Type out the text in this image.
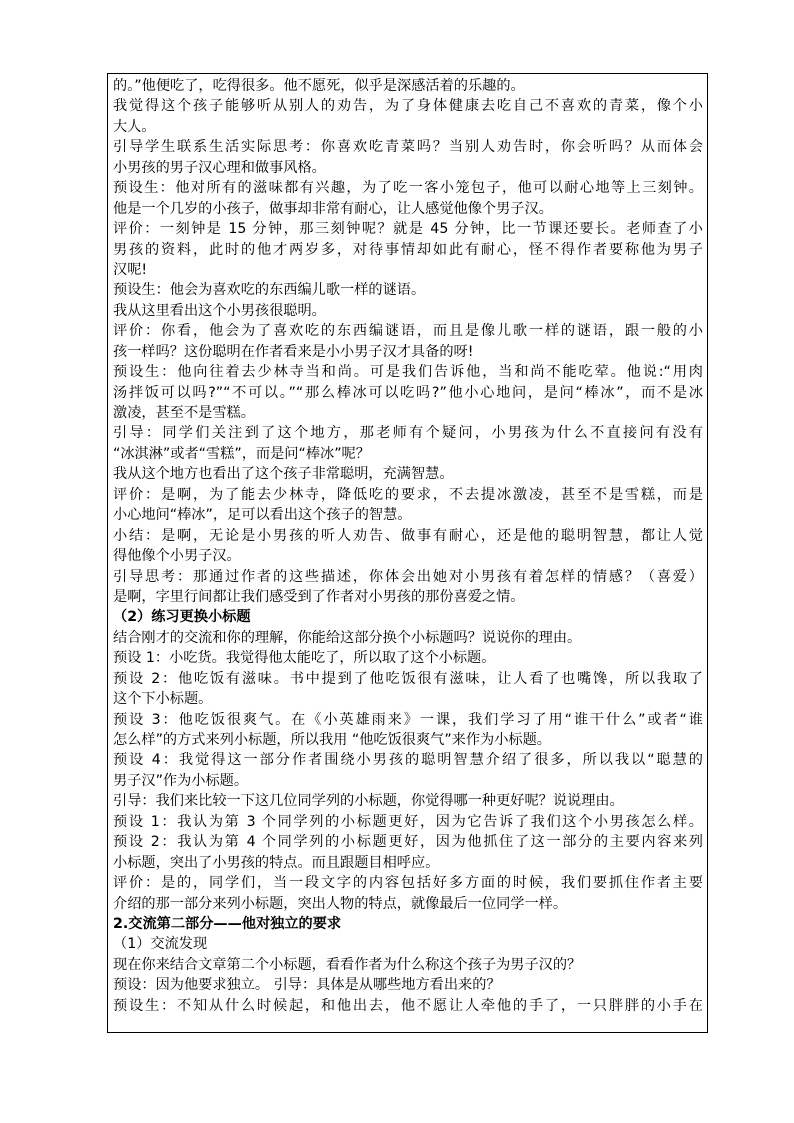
的。”他便吃了，吃得很多。他不愿死，似乎是深感活着的乐趣的。
我觉得这个孩子能够听从别人的劝告，为了身体健康去吃自己不喜欢的青菜，像个小
大人。
引导学生联系生活实际思考：你喜欢吃青菜吗？当别人劝告时，你会听吗？从而体会
小男孩的男子汉心理和做事风格。
预设生：他对所有的滋味都有兴趣，为了吃一客小笼包子，他可以耐心地等上三刻钟。
他是一个几岁的小孩子，做事却非常有耐心，让人感觉他像个男子汉。
评价：一刻钟是 15 分钟，那三刻钟呢？就是 45 分钟，比一节课还要长。老师查了小
男孩的资料，此时的他才两岁多，对待事情却如此有耐心，怪不得作者要称他为男子
汉呢!
预设生：他会为喜欢吃的东西编儿歌一样的谜语。
我从这里看出这个小男孩很聪明。
评价：你看，他会为了喜欢吃的东西编谜语，而且是像儿歌一样的谜语，跟一般的小
孩一样吗？这份聪明在作者看来是小小男子汉才具备的呀!
预设生：他向往着去少林寺当和尚。可是我们告诉他，当和尚不能吃荤。他说:“用肉
汤拌饭可以吗?”“不可以。”“那么棒冰可以吃吗?”他小心地问，是问“棒冰”，而不是冰
激凌，甚至不是雪糕。
引导：同学们关注到了这个地方，那老师有个疑问，小男孩为什么不直接问有没有
“冰淇淋”或者“雪糕”，而是问“棒冰”呢？
我从这个地方也看出了这个孩子非常聪明，充满智慧。
评价：是啊，为了能去少林寺，降低吃的要求，不去提冰激凌，甚至不是雪糕，而是
小心地问“棒冰”，足可以看出这个孩子的智慧。
小结：是啊，无论是小男孩的听人劝告、做事有耐心，还是他的聪明智慧，都让人觉
得他像个小男子汉。
引导思考：那通过作者的这些描述，你体会出她对小男孩有着怎样的情感？（喜爱）
是啊，字里行间都让我们感受到了作者对小男孩的那份喜爱之情。
（2）练习更换小标题
结合刚才的交流和你的理解，你能给这部分换个小标题吗？说说你的理由。
预设 1：小吃货。我觉得他太能吃了，所以取了这个小标题。
预设 2：他吃饭有滋味。书中提到了他吃饭很有滋味，让人看了也嘴馋，所以我取了
这个下小标题。
预设 3：他吃饭很爽气。在《小英雄雨来》一课，我们学习了用“谁干什么”或者“谁
怎么样”的方式来列小标题，所以我用 “他吃饭很爽气”来作为小标题。
预设 4：我觉得这一部分作者围绕小男孩的聪明智慧介绍了很多，所以我以“聪慧的
男子汉”作为小标题。
引导：我们来比较一下这几位同学列的小标题，你觉得哪一种更好呢？说说理由。
预设 1：我认为第 3 个同学列的小标题更好，因为它告诉了我们这个小男孩怎么样。
预设 2：我认为第 4 个同学列的小标题更好，因为他抓住了这一部分的主要内容来列
小标题，突出了小男孩的特点。而且跟题目相呼应。
评价：是的，同学们，当一段文字的内容包括好多方面的时候，我们要抓住作者主要
介绍的那一部分来列小标题，突出人物的特点，就像最后一位同学一样。
2.交流第二部分——他对独立的要求
（1）交流发现
现在你来结合文章第二个小标题，看看作者为什么称这个孩子为男子汉的？
预设：因为他要求独立。 引导：具体是从哪些地方看出来的？
预设生：不知从什么时候起，和他出去，他不愿让人牵他的手了，一只胖胖的小手在
